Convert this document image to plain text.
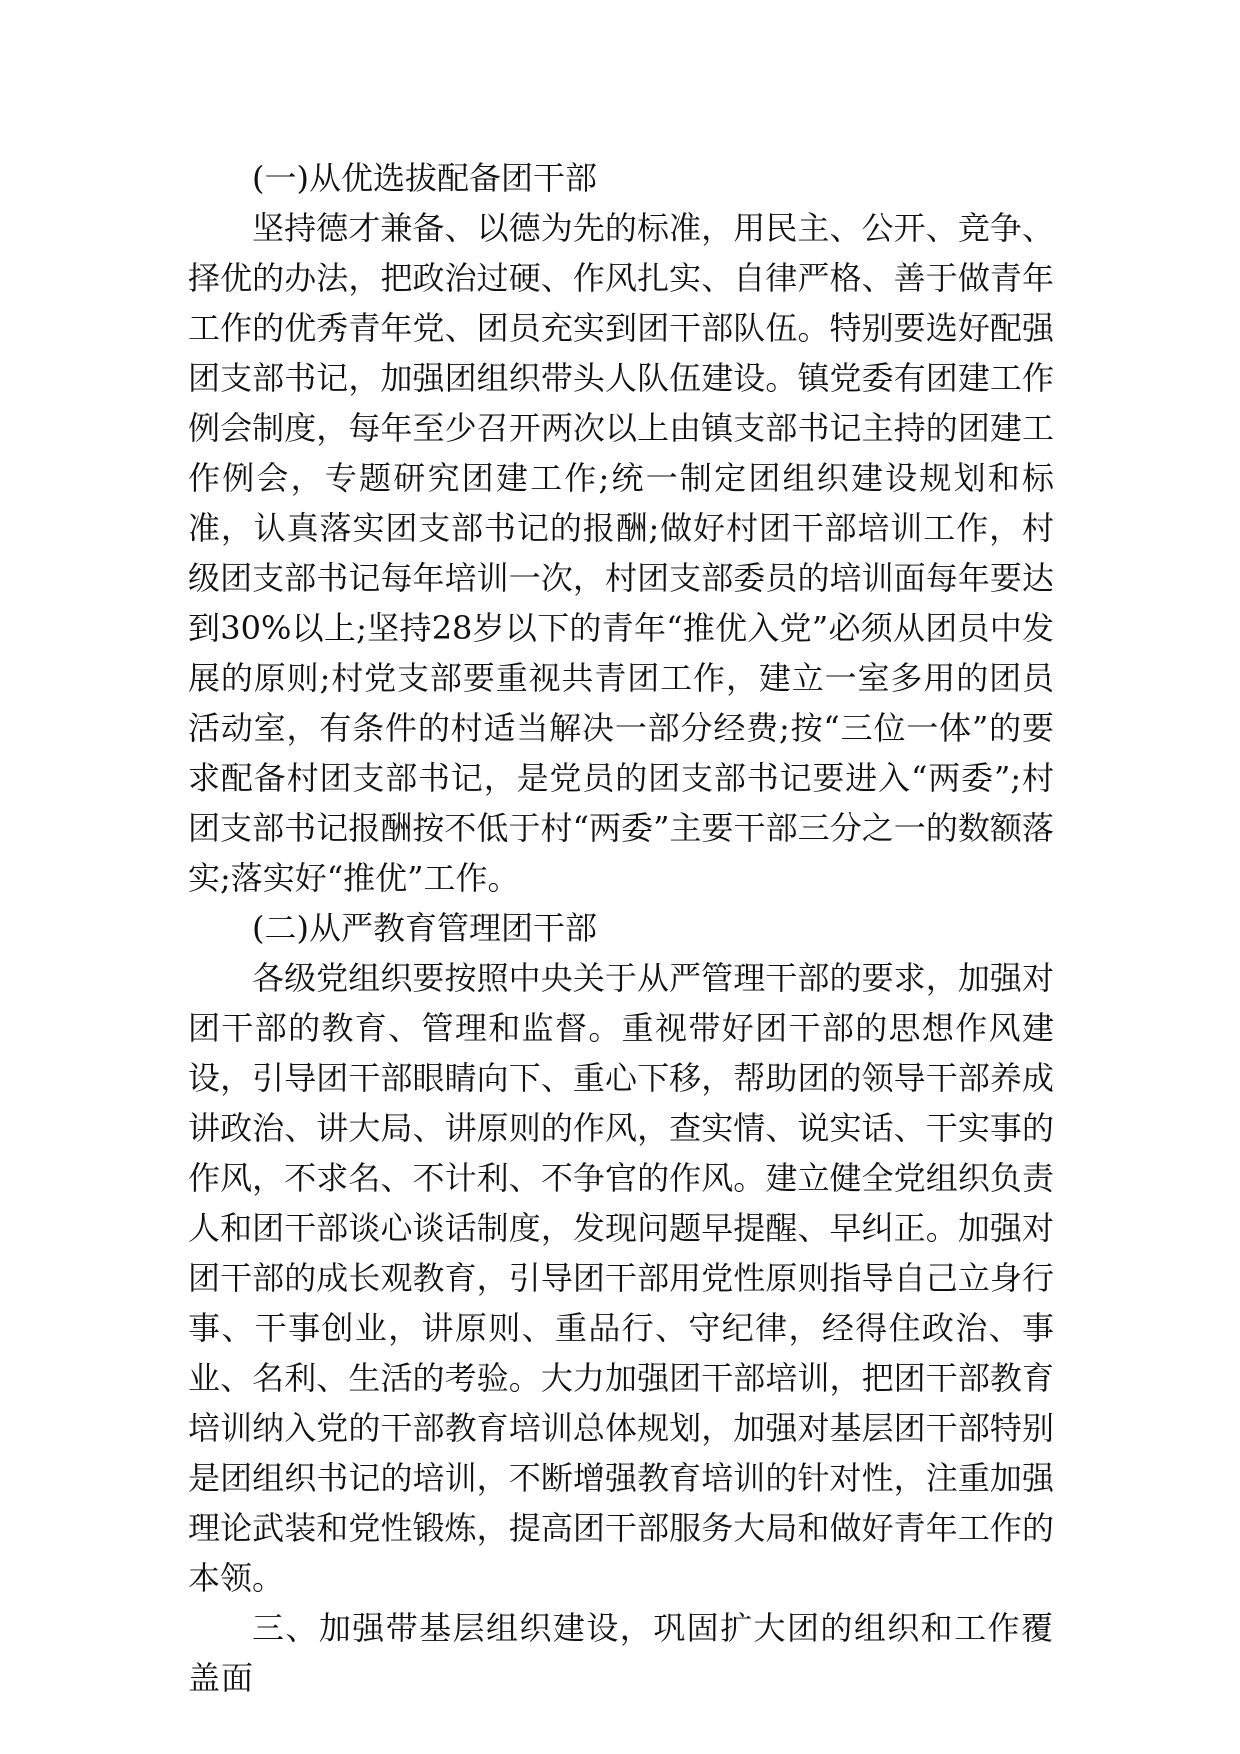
(一)从优选拔配备团干部

坚持德才兼备、以德为先的标准，用民主、公开、竞争、择优的办法，把政治过硬、作风扎实、自律严格、善于做青年工作的优秀青年党、团员充实到团干部队伍。特别要选好配强团支部书记，加强团组织带头人队伍建设。镇党委有团建工作例会制度，每年至少召开两次以上由镇支部书记主持的团建工作例会，专题研究团建工作;统一制定团组织建设规划和标准，认真落实团支部书记的报酬;做好村团干部培训工作，村级团支部书记每年培训一次，村团支部委员的培训面每年要达到30%以上;坚持28岁以下的青年“推优入党”必须从团员中发展的原则;村党支部要重视共青团工作，建立一室多用的团员活动室，有条件的村适当解决一部分经费;按“三位一体”的要求配备村团支部书记，是党员的团支部书记要进入“两委”;村团支部书记报酬按不低于村“两委”主要干部三分之一的数额落实;落实好“推优”工作。

(二)从严教育管理团干部

各级党组织要按照中央关于从严管理干部的要求，加强对团干部的教育、管理和监督。重视带好团干部的思想作风建设，引导团干部眼睛向下、重心下移，帮助团的领导干部养成讲政治、讲大局、讲原则的作风，查实情、说实话、干实事的作风，不求名、不计利、不争官的作风。建立健全党组织负责人和团干部谈心谈话制度，发现问题早提醒、早纠正。加强对团干部的成长观教育，引导团干部用党性原则指导自己立身行事、干事创业，讲原则、重品行、守纪律，经得住政治、事业、名利、生活的考验。大力加强团干部培训，把团干部教育培训纳入党的干部教育培训总体规划，加强对基层团干部特别是团组织书记的培训，不断增强教育培训的针对性，注重加强理论武装和党性锻炼，提高团干部服务大局和做好青年工作的本领。

三、加强带基层组织建设，巩固扩大团的组织和工作覆盖面
